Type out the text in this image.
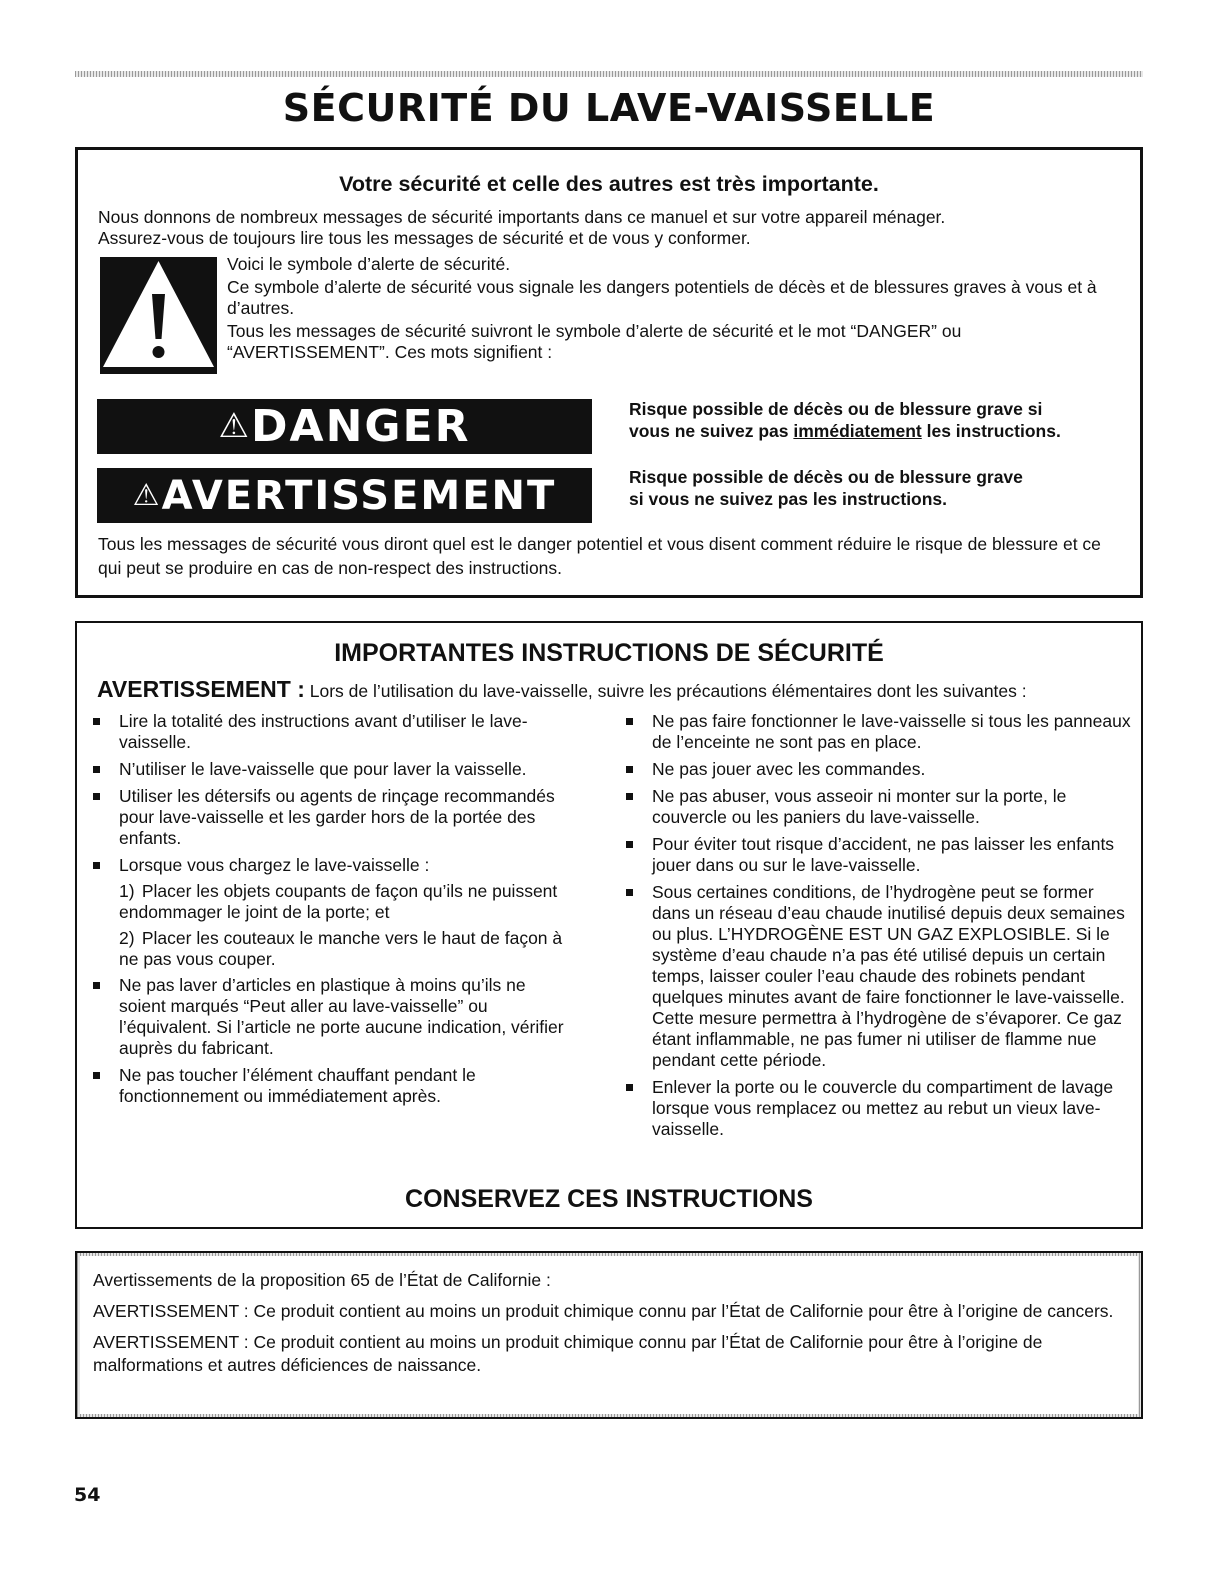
SÉCURITÉ DU LAVE-VAISSELLE
Votre sécurité et celle des autres est très importante.
Nous donnons de nombreux messages de sécurité importants dans ce manuel et sur votre appareil ménager.
Assurez-vous de toujours lire tous les messages de sécurité et de vous y conformer.

Voici le symbole d’alerte de sécurité.

Ce symbole d’alerte de sécurité vous signale les dangers potentiels de décès et de blessures graves à vous et à d’autres.

Tous les messages de sécurité suivront le symbole d’alerte de sécurité et le mot “DANGER” ou “AVERTISSEMENT”. Ces mots signifient :

⚠DANGER	Risque possible de décès ou de blessure grave si
vous ne suivez pas immédiatement les instructions.
⚠AVERTISSEMENT	Risque possible de décès ou de blessure grave
si vous ne suivez pas les instructions.

Tous les messages de sécurité vous diront quel est le danger potentiel et vous disent comment réduire le risque de blessure et ce qui peut se produire en cas de non-respect des instructions.

IMPORTANTES INSTRUCTIONS DE SÉCURITÉ
AVERTISSEMENT : Lors de l’utilisation du lave-vaisselle, suivre les précautions élémentaires dont les suivantes :
Lire la totalité des instructions avant d’utiliser le lave-vaisselle.
N’utiliser le lave-vaisselle que pour laver la vaisselle.
Utiliser les détersifs ou agents de rinçage recommandés pour lave-vaisselle et les garder hors de la portée des enfants.
Lorsque vous chargez le lave-vaisselle :
1) Placer les objets coupants de façon qu’ils ne puissent endommager le joint de la porte; et
2) Placer les couteaux le manche vers le haut de façon à ne pas vous couper.
Ne pas laver d’articles en plastique à moins qu’ils ne soient marqués “Peut aller au lave-vaisselle” ou l’équivalent. Si l’article ne porte aucune indication, vérifier auprès du fabricant.
Ne pas toucher l’élément chauffant pendant le fonctionnement ou immédiatement après.
Ne pas faire fonctionner le lave-vaisselle si tous les panneaux de l’enceinte ne sont pas en place.
Ne pas jouer avec les commandes.
Ne pas abuser, vous asseoir ni monter sur la porte, le couvercle ou les paniers du lave-vaisselle.
Pour éviter tout risque d’accident, ne pas laisser les enfants jouer dans ou sur le lave-vaisselle.
Sous certaines conditions, de l’hydrogène peut se former dans un réseau d’eau chaude inutilisé depuis deux semaines ou plus. L’HYDROGÈNE EST UN GAZ EXPLOSIBLE. Si le système d’eau chaude n’a pas été utilisé depuis un certain temps, laisser couler l’eau chaude des robinets pendant quelques minutes avant de faire fonctionner le lave-vaisselle. Cette mesure permettra à l’hydrogène de s’évaporer. Ce gaz étant inflammable, ne pas fumer ni utiliser de flamme nue pendant cette période.
Enlever la porte ou le couvercle du compartiment de lavage lorsque vous remplacez ou mettez au rebut un vieux lave-vaisselle.
CONSERVEZ CES INSTRUCTIONS

Avertissements de la proposition 65 de l’État de Californie :

AVERTISSEMENT : Ce produit contient au moins un produit chimique connu par l’État de Californie pour être à l’origine de cancers.

AVERTISSEMENT : Ce produit contient au moins un produit chimique connu par l’État de Californie pour être à l’origine de malformations et autres déficiences de naissance.

54
